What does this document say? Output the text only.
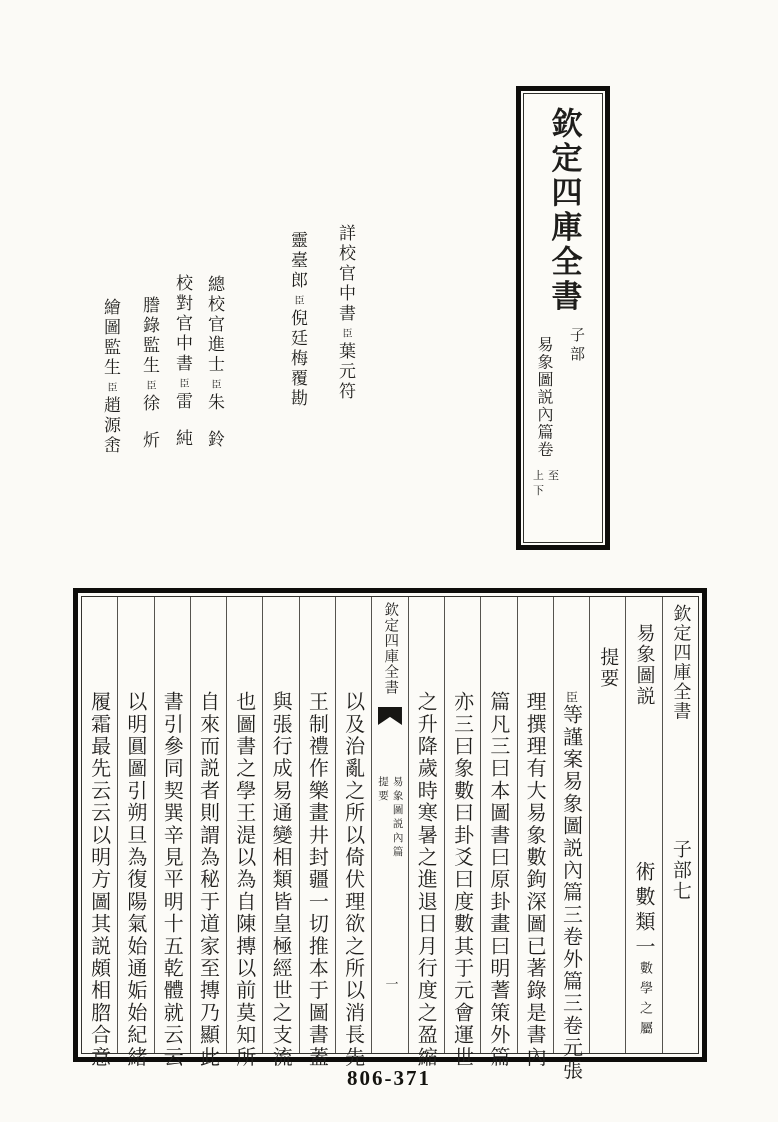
欽定四庫全書
子部
易象圖説內篇卷
上至
下
詳校官中書臣葉元符
靈臺郎臣倪廷梅覆勘
總校官進士臣朱鈴
校對官中書臣雷純
謄錄監生臣徐炘
繪圖監生臣趙源峹
欽定四庫全書
子部七
易象圖説
術數類一數學之屬
提要
臣等謹案易象圖説內篇三卷外篇三卷元張
理撰理有大易象數鉤深圖已著錄是書內
篇凡三曰本圖書曰原卦畫曰明蓍策外篇
亦三曰象數曰卦爻曰度數其于元會運世
之升降歲時寒暑之進退日月行度之盈縮
欽定四庫全書
易象圖説內篇
提要
一
以及治亂之所以倚伏理欲之所以消長先
王制禮作樂畫井封疆一切推本于圖書蓋
與張行成易通變相類皆皇極經世之支流
也圖書之學王湜以為自陳摶以前莫知所
自來而説者則謂為秘于道家至摶乃顯此
書引參同契巽辛見平明十五乾體就云云
以明圓圖引朔旦為復陽氣始通姤始紀緒
履霜最先云云以明方圖其説頗相脗合意
806-371
